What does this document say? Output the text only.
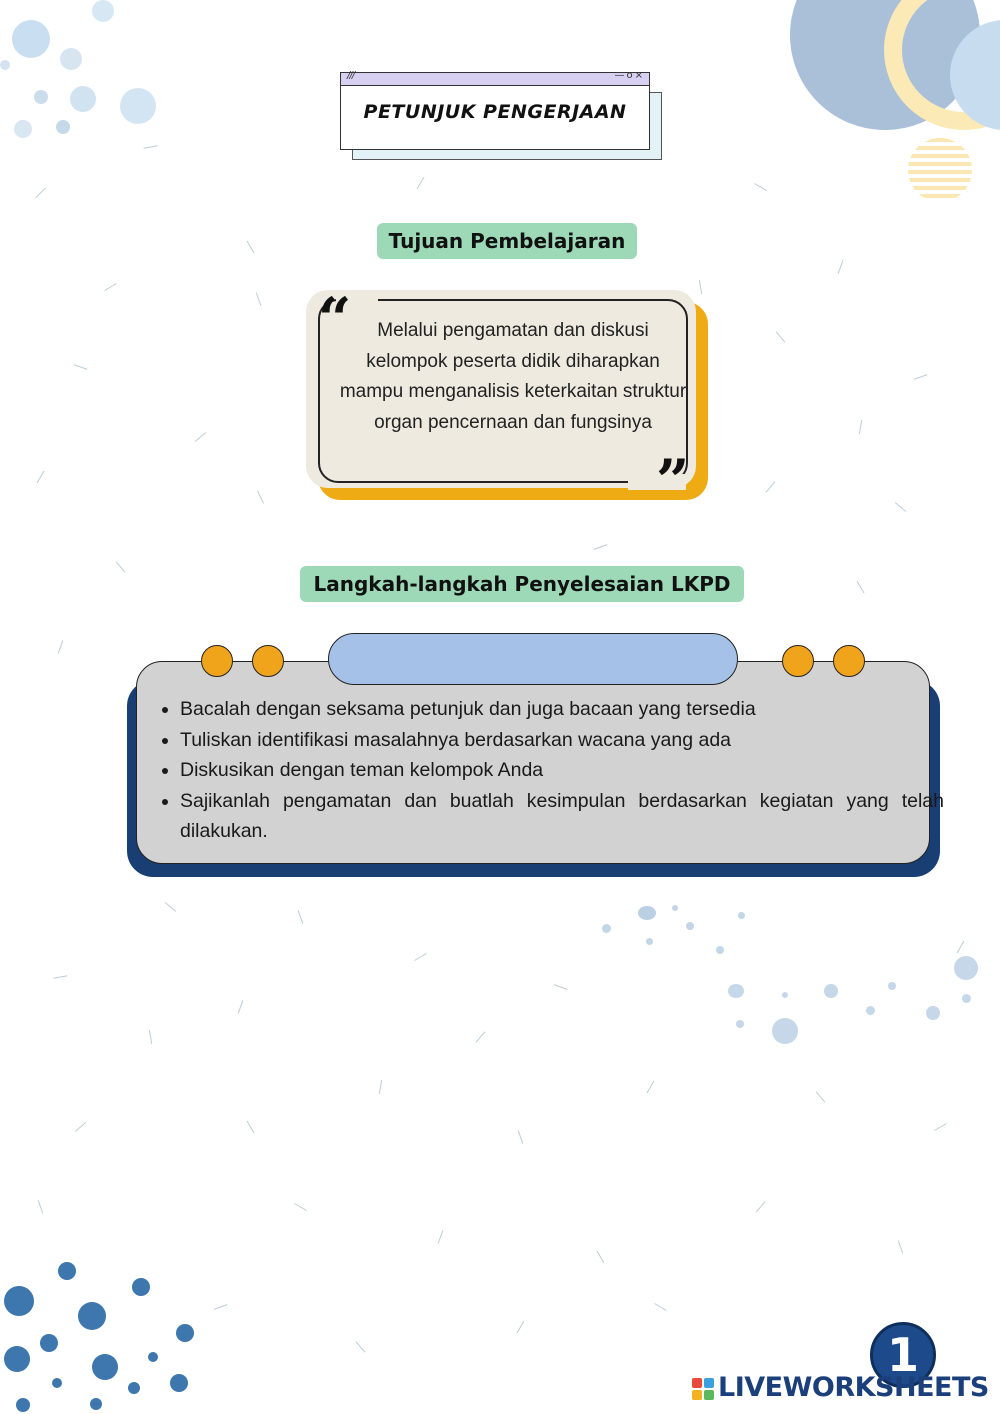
///	—o×
PETUNJUK PENGERJAAN
Tujuan Pembelajaran
“
”
Melalui pengamatan dan diskusi kelompok peserta didik diharapkan mampu menganalisis keterkaitan struktur organ pencernaan dan fungsinya
Langkah-langkah Penyelesaian LKPD
• Bacalah dengan seksama petunjuk dan juga bacaan yang tersedia
• Tuliskan identifikasi masalahnya berdasarkan wacana yang ada
• Diskusikan dengan teman kelompok Anda
• Sajikanlah pengamatan dan buatlah kesimpulan berdasarkan kegiatan yang telah dilakukan.
1
LIVEWORKSHEETS
